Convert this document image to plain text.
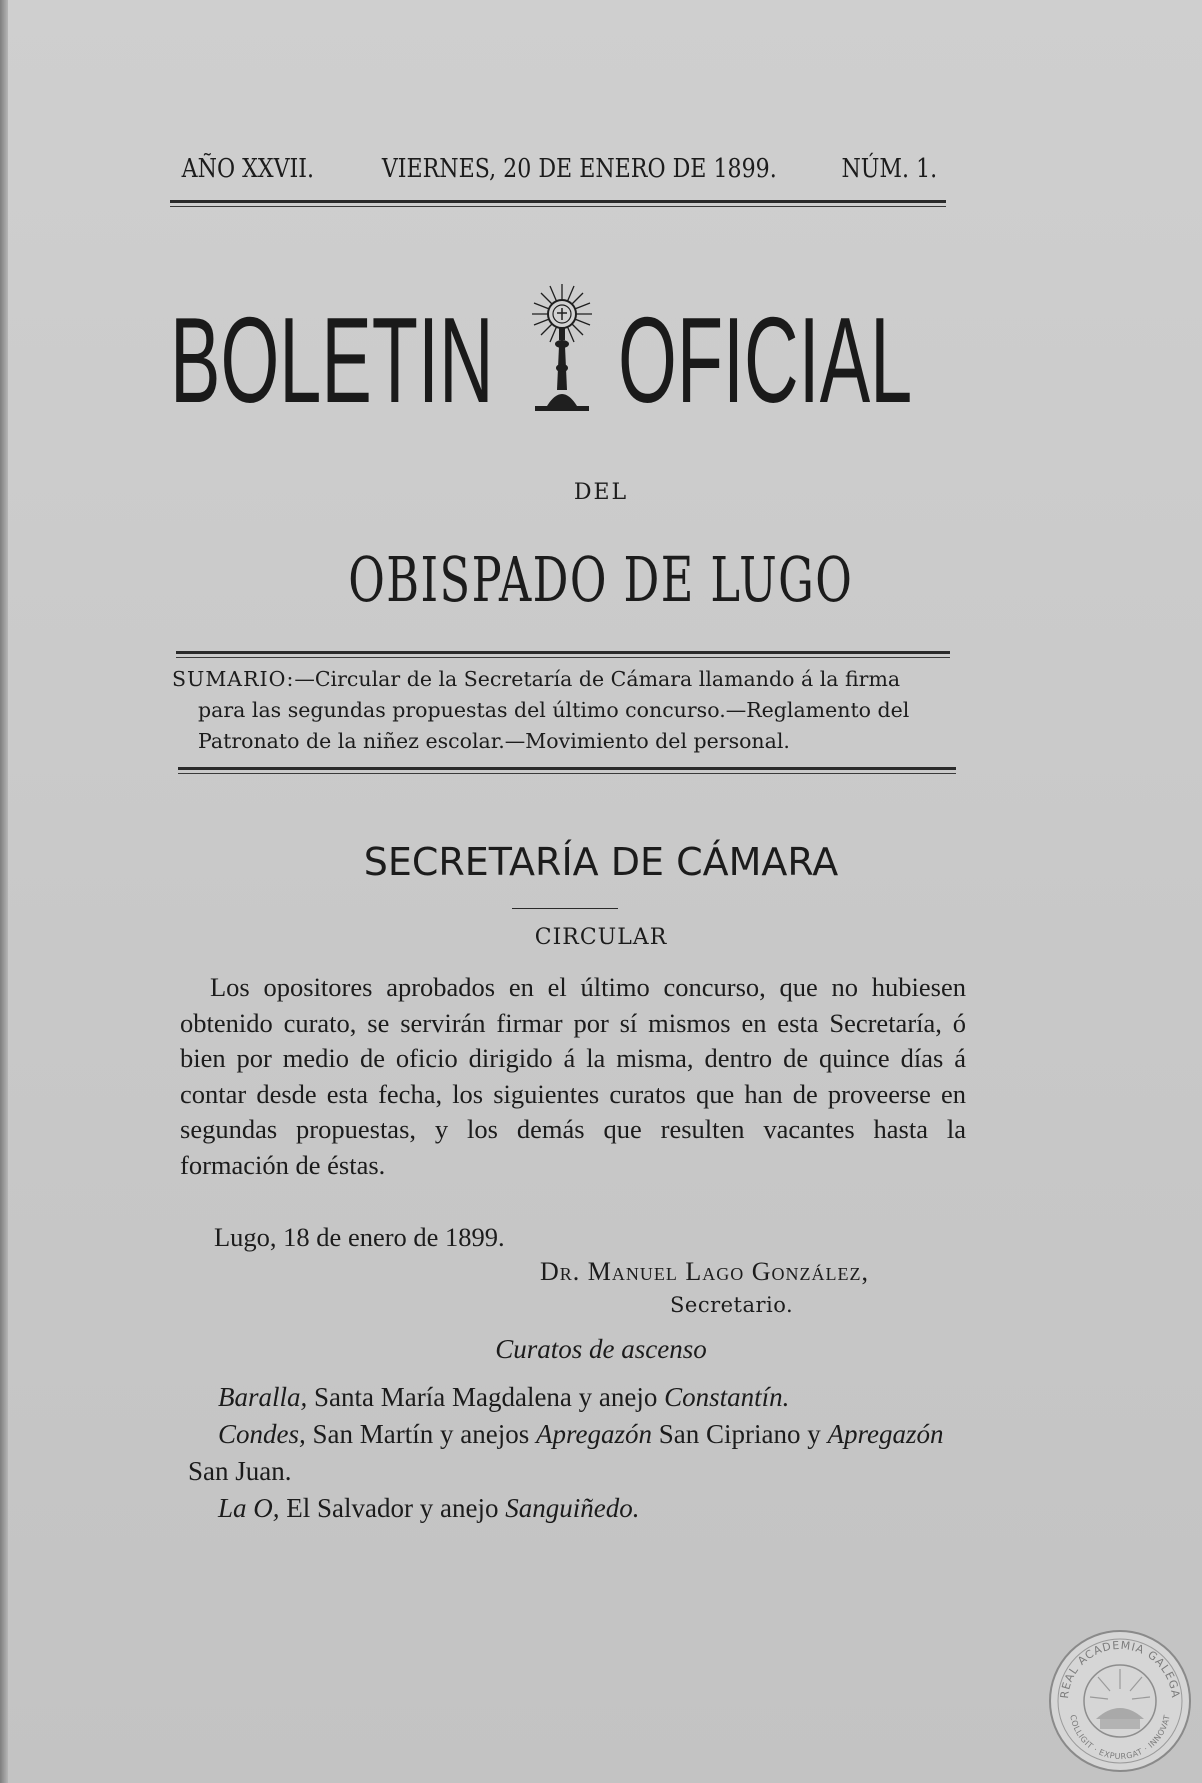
AÑO XXVII.	VIERNES, 20 DE ENERO DE 1899. NÚM. 1.
BOLETIN OFICIAL
DEL
OBISPADO DE LUGO

SUMARIO:—Circular de la Secretaría de Cámara llamando á la firma

para las segundas propuestas del último concurso.—Reglamento del

Patronato de la niñez escolar.—Movimiento del personal.

SECRETARÍA DE CÁMARA
CIRCULAR

Los opositores aprobados en el último concurso, que no hubiesen obtenido curato, se servirán firmar por sí mismos en esta Secretaría, ó bien por medio de oficio dirigido á la misma, dentro de quince días á contar desde esta fecha, los siguientes curatos que han de proveerse en segundas propuestas, y los demás que resulten vacantes hasta la formación de éstas.

Lugo, 18 de enero de 1899.
Dr. Manuel Lago González,
Secretario.
Curatos de ascenso

Baralla, Santa María Magdalena y anejo Constantín.

Condes, San Martín y anejos Apregazón San Cipriano y Apregazón San Juan.

La O, El Salvador y anejo Sanguiñedo.

REAL ACADEMIA GALEGA
COLLIGIT · EXPURGAT · INNOVAT
